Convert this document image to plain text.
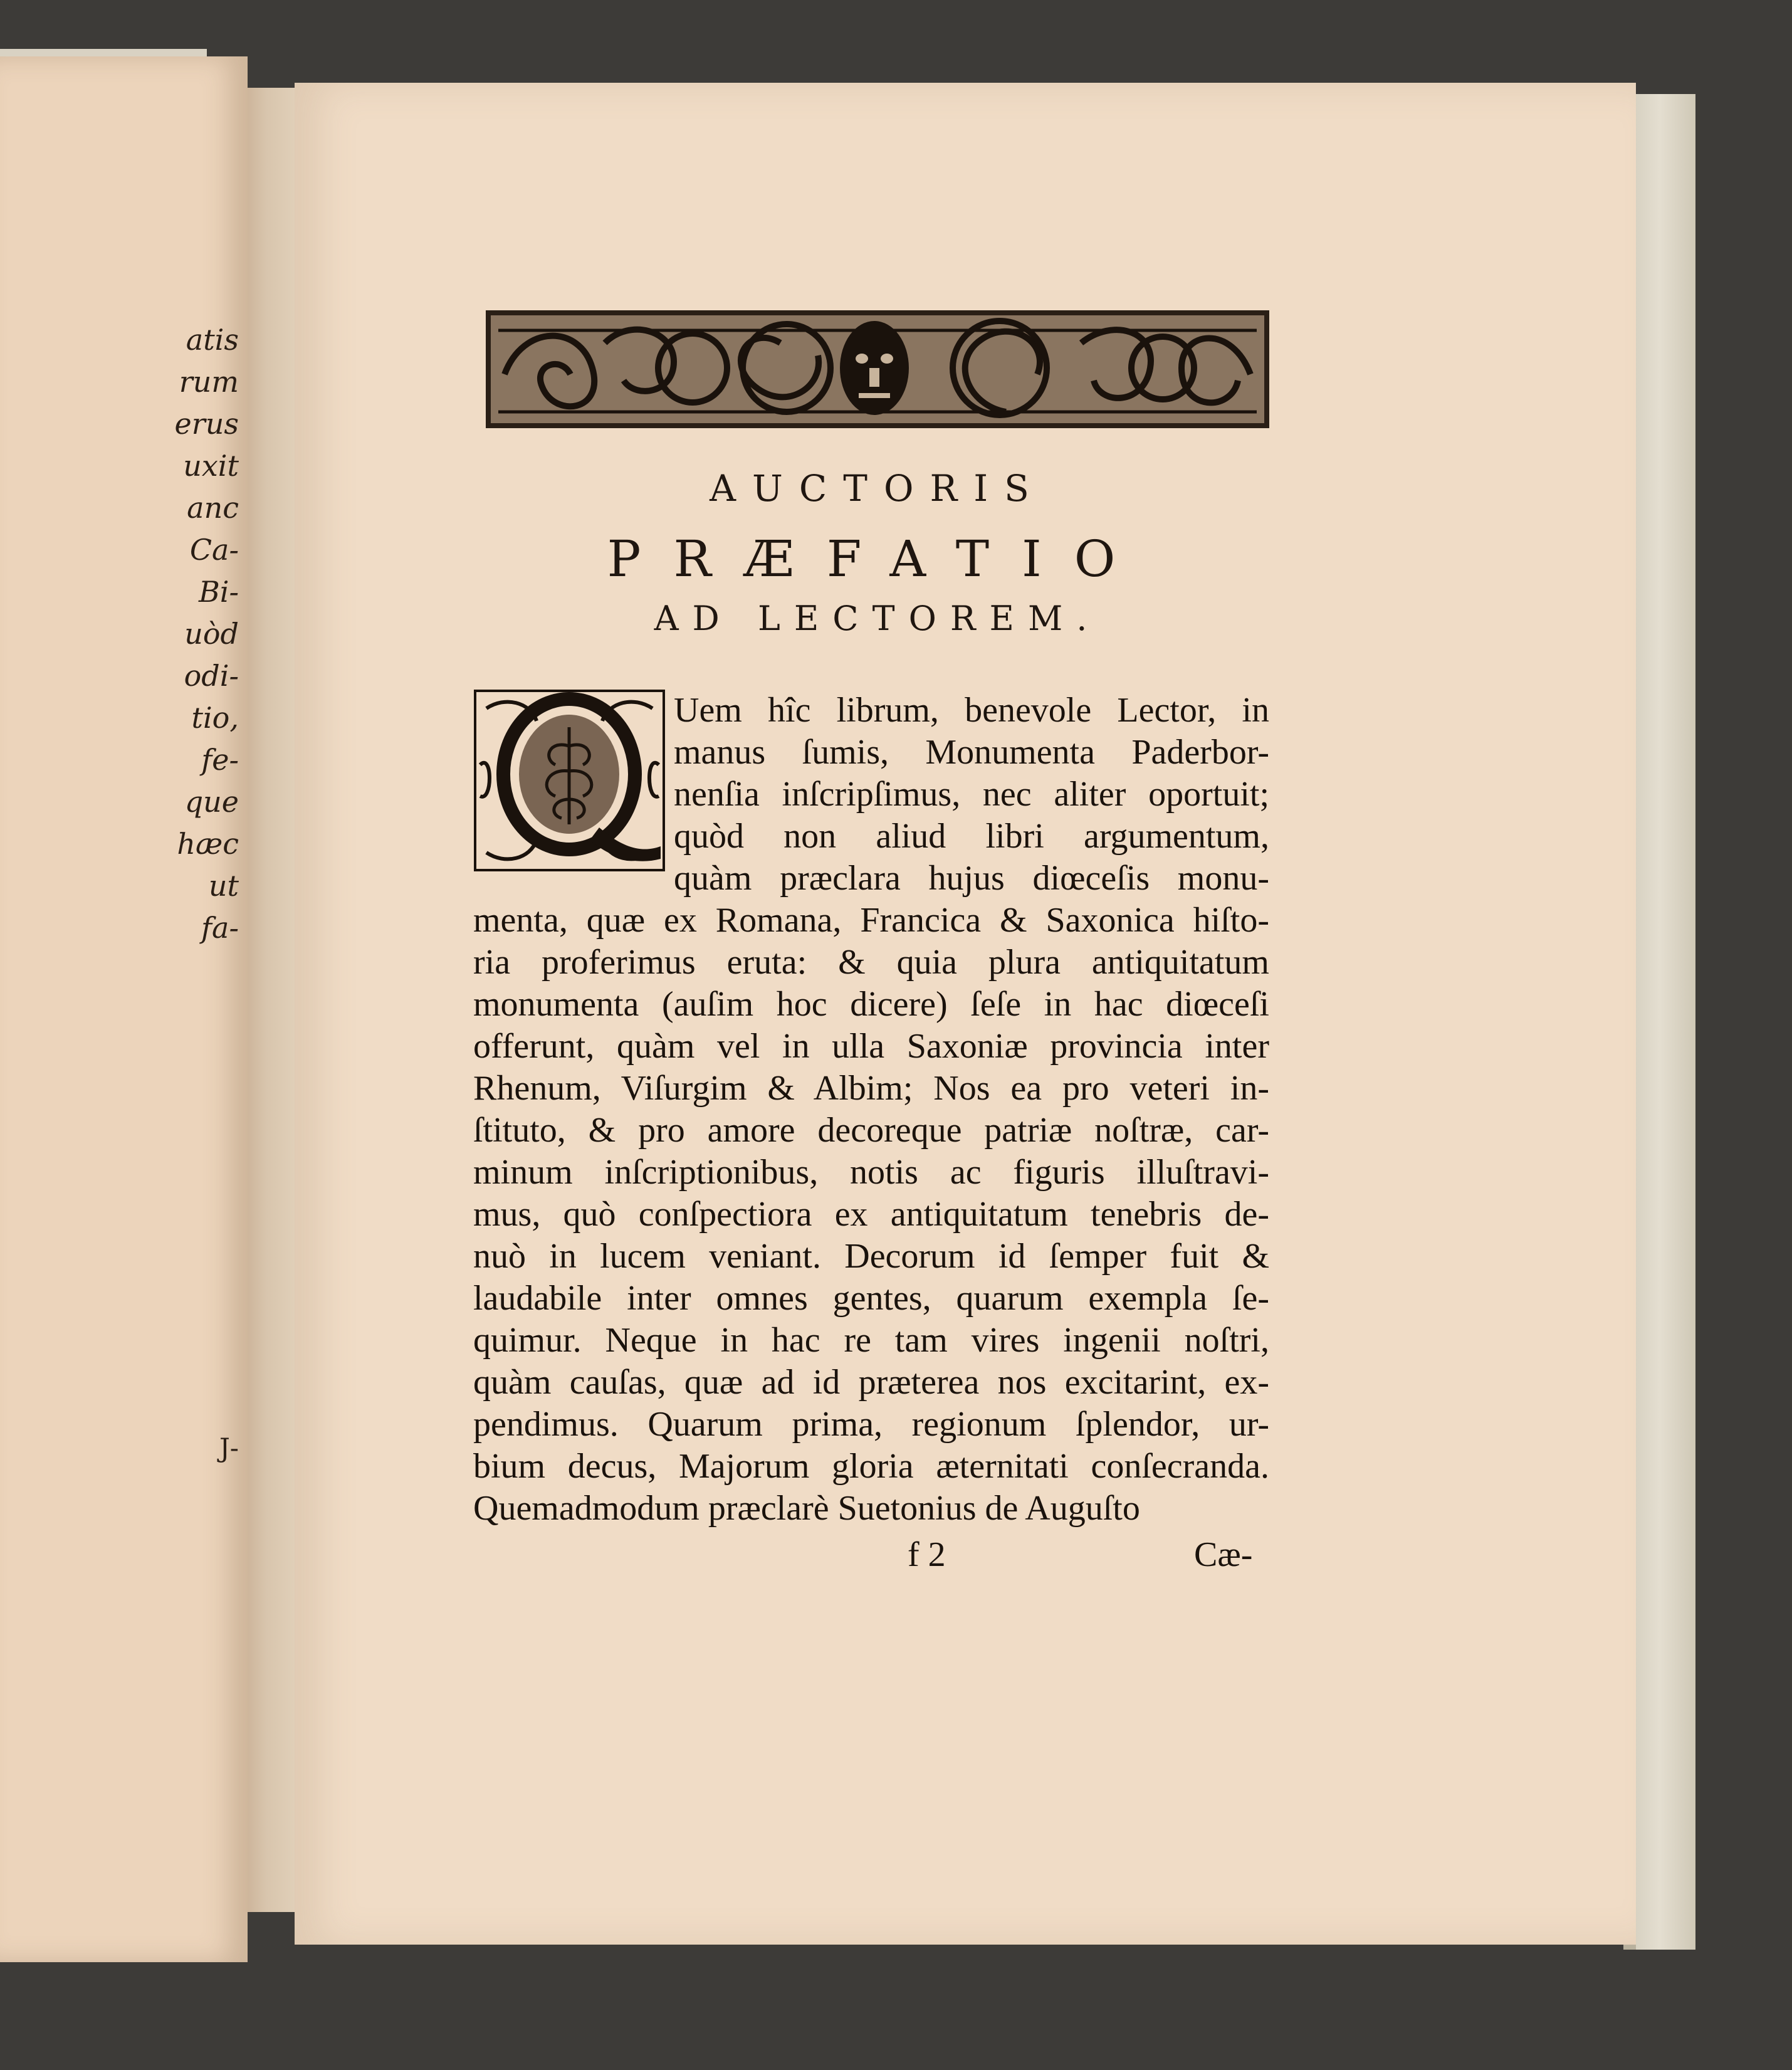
atis
rum
erus
uxit
anc
Ca-
Bi-
uòd
odi-
tio,
fe-
que
hæc
ut
fa-
J-
AUCTORIS
PRÆFATIO
AD LECTOREM.
Uem hîc librum, benevole Lector, in
manus ſumis, Monumenta Paderbor-
nenſia inſcripſimus, nec aliter oportuit;
quòd non aliud libri argumentum,
quàm præclara hujus diœceſis monu-
menta, quæ ex Romana, Francica & Saxonica hiſto-
ria proferimus eruta: & quia plura antiquitatum
monumenta (auſim hoc dicere) ſeſe in hac diœceſi
offerunt, quàm vel in ulla Saxoniæ provincia inter
Rhenum, Viſurgim & Albim; Nos ea pro veteri in-
ſtituto, & pro amore decoreque patriæ noſtræ, car-
minum inſcriptionibus, notis ac figuris illuſtravi-
mus, quò conſpectiora ex antiquitatum tenebris de-
nuò in lucem veniant. Decorum id ſemper fuit &
laudabile inter omnes gentes, quarum exempla ſe-
quimur. Neque in hac re tam vires ingenii noſtri,
quàm cauſas, quæ ad id præterea nos excitarint, ex-
pendimus. Quarum prima, regionum ſplendor, ur-
bium decus, Majorum gloria æternitati conſecranda.
Quemadmodum præclarè Suetonius de Auguſto
f 2	Cæ-
